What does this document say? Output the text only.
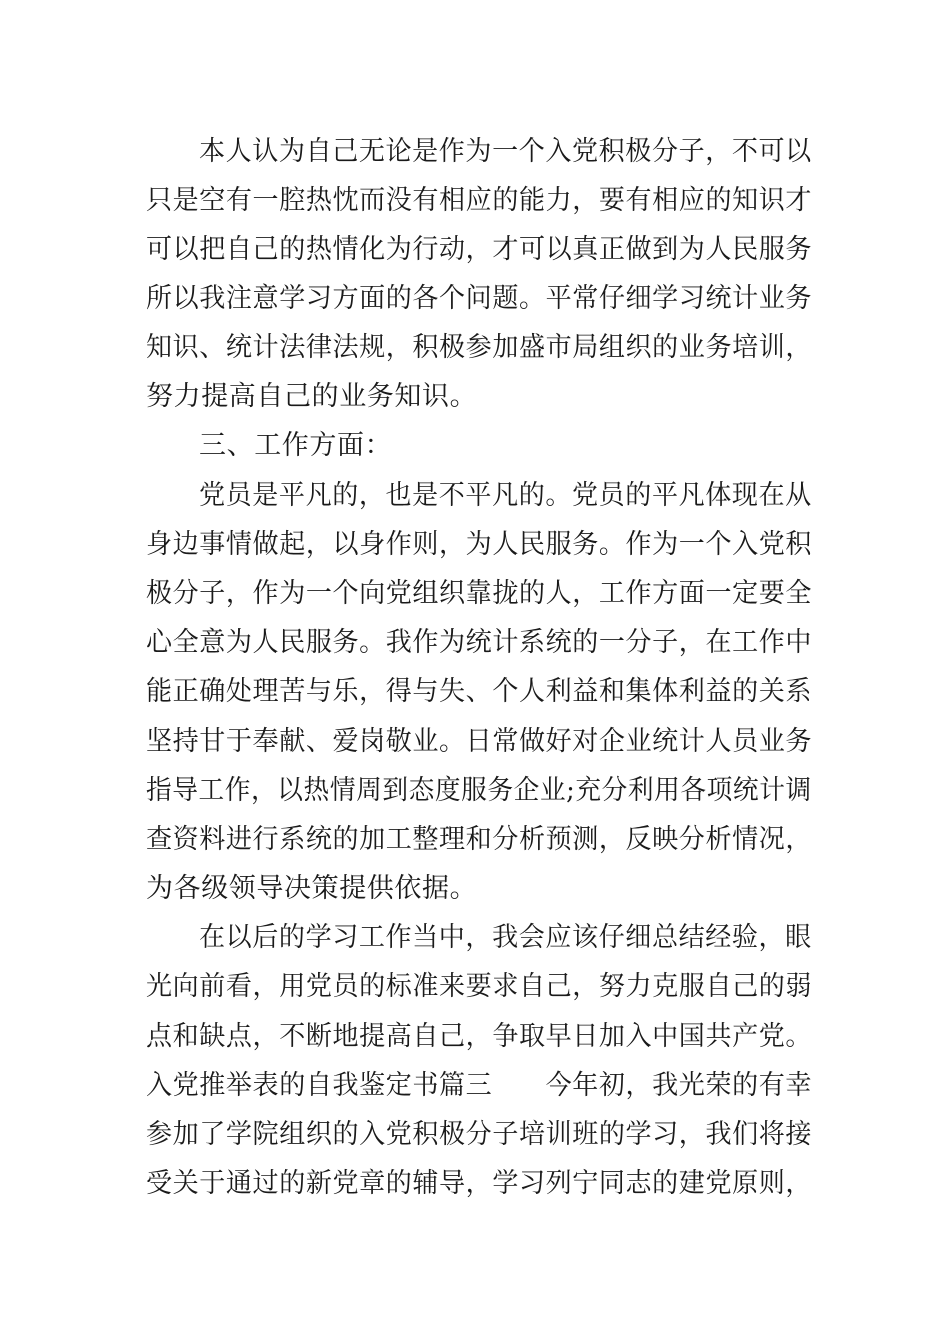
本人认为自己无论是作为一个入党积极分子，不可以
只是空有一腔热忱而没有相应的能力，要有相应的知识才
可以把自己的热情化为行动，才可以真正做到为人民服务
所以我注意学习方面的各个问题。平常仔细学习统计业务
知识、统计法律法规，积极参加盛市局组织的业务培训，
努力提高自己的业务知识。
三、工作方面：
党员是平凡的，也是不平凡的。党员的平凡体现在从
身边事情做起，以身作则，为人民服务。作为一个入党积
极分子，作为一个向党组织靠拢的人，工作方面一定要全
心全意为人民服务。我作为统计系统的一分子，在工作中
能正确处理苦与乐，得与失、个人利益和集体利益的关系
坚持甘于奉献、爱岗敬业。日常做好对企业统计人员业务
指导工作，以热情周到态度服务企业;充分利用各项统计调
查资料进行系统的加工整理和分析预测，反映分析情况，
为各级领导决策提供依据。
在以后的学习工作当中，我会应该仔细总结经验，眼
光向前看，用党员的标准来要求自己，努力克服自己的弱
点和缺点，不断地提高自己，争取早日加入中国共产党。
入党推举表的自我鉴定书篇三　　今年初，我光荣的有幸
参加了学院组织的入党积极分子培训班的学习，我们将接
受关于通过的新党章的辅导，学习列宁同志的建党原则，
